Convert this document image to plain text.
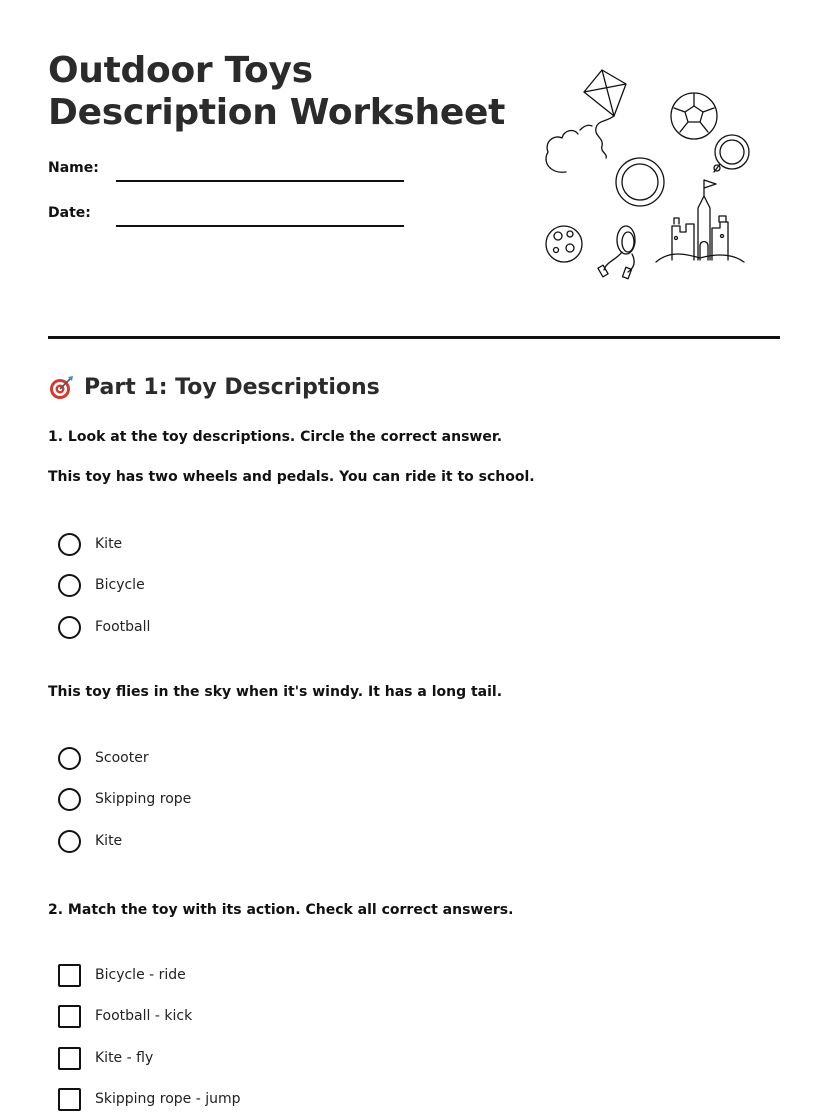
Outdoor Toys
Description Worksheet
Name:
Date:
Part 1: Toy Descriptions

1. Look at the toy descriptions. Circle the correct answer.

This toy has two wheels and pedals. You can ride it to school.

Kite
Bicycle
Football

This toy flies in the sky when it's windy. It has a long tail.

Scooter
Skipping rope
Kite

2. Match the toy with its action. Check all correct answers.

Bicycle - ride
Football - kick
Kite - fly
Skipping rope - jump
